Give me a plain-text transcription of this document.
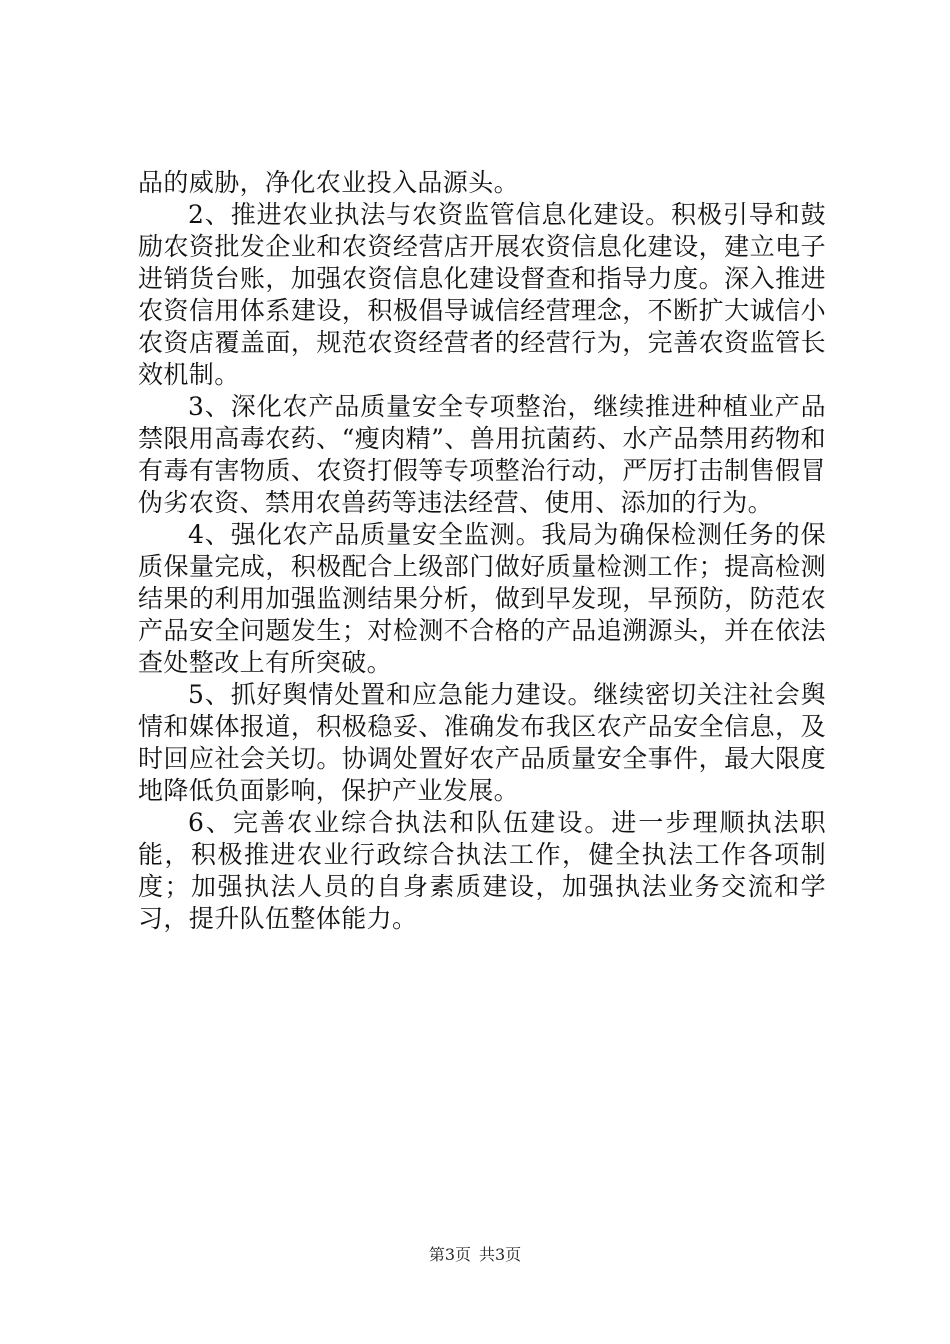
品的威胁，净化农业投入品源头。

2、推进农业执法与农资监管信息化建设。积极引导和鼓励农资批发企业和农资经营店开展农资信息化建设，建立电子进销货台账，加强农资信息化建设督查和指导力度。深入推进农资信用体系建设，积极倡导诚信经营理念，不断扩大诚信小农资店覆盖面，规范农资经营者的经营行为，完善农资监管长效机制。

3、深化农产品质量安全专项整治，继续推进种植业产品禁限用高毒农药、“瘦肉精”、兽用抗菌药、水产品禁用药物和有毒有害物质、农资打假等专项整治行动，严厉打击制售假冒伪劣农资、禁用农兽药等违法经营、使用、添加的行为。

4、强化农产品质量安全监测。我局为确保检测任务的保质保量完成，积极配合上级部门做好质量检测工作；提高检测结果的利用加强监测结果分析，做到早发现，早预防，防范农产品安全问题发生；对检测不合格的产品追溯源头，并在依法查处整改上有所突破。

5、抓好舆情处置和应急能力建设。继续密切关注社会舆情和媒体报道，积极稳妥、准确发布我区农产品安全信息，及时回应社会关切。协调处置好农产品质量安全事件，最大限度地降低负面影响，保护产业发展。

6、完善农业综合执法和队伍建设。进一步理顺执法职能，积极推进农业行政综合执法工作，健全执法工作各项制度；加强执法人员的自身素质建设，加强执法业务交流和学习，提升队伍整体能力。

第3页 共3页
